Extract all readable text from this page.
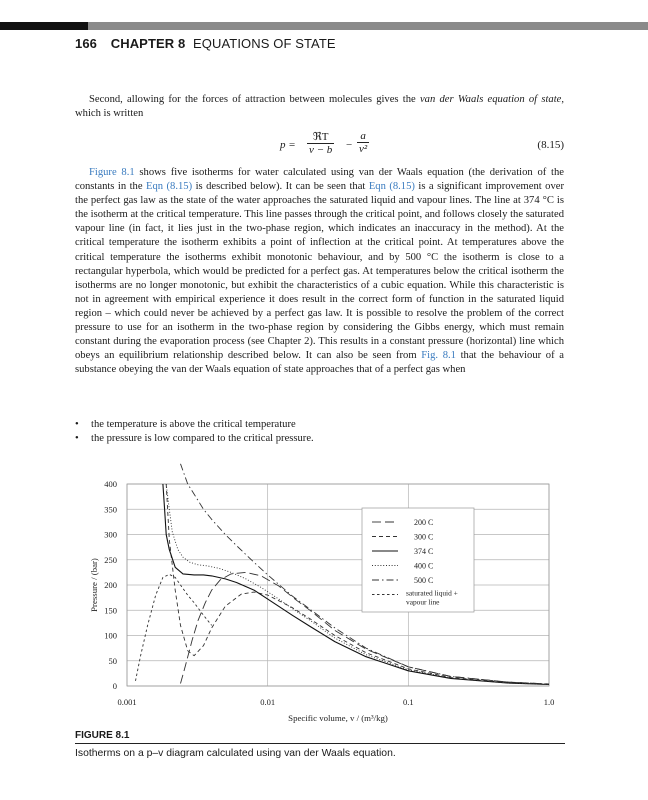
166 CHAPTER 8 EQUATIONS OF STATE

Second, allowing for the forces of attraction between molecules gives the van der Waals equation of state, which is written

p =
ℜT
$v - b - \frac{a}{\text{v²}}$	(8.15)

Figure 8.1 shows five isotherms for water calculated using van der Waals equation (the derivation of the constants in the Eqn (8.15) is described below). It can be seen that Eqn (8.15) is a significant improvement over the perfect gas law as the state of the water approaches the saturated liquid and vapour lines. The line at 374 °C is the isotherm at the critical temperature. This line passes through the critical point, and follows closely the saturated vapour line (in fact, it lies just in the two-phase region, which indicates an inaccuracy in the method). At the critical temperature the isotherm exhibits a point of inflection at the critical point. At temperatures above the critical temperature the isotherms exhibit monotonic behaviour, and by 500 °C the isotherm is close to a rectangular hyperbola, which would be predicted for a perfect gas. At temperatures below the critical isotherm the isotherms are no longer monotonic, but exhibit the characteristics of a cubic equation. While this characteristic is not in agreement with empirical experience it does result in the correct form of function in the saturated liquid region – which could never be achieved by a perfect gas law. It is possible to resolve the problem of the correct pressure to use for an isotherm in the two-phase region by considering the Gibbs energy, which must remain constant during the evaporation process (see Chapter 2). This results in a constant pressure (horizontal) line which obeys an equilibrium relationship described below. It can also be seen from Fig. 8.1 that the behaviour of a substance obeying the van der Waals equation of state approaches that of a perfect gas when

• the temperature is above the critical temperature
• the pressure is low compared to the critical pressure.
0
50
100
150
200
250
300
350
400
0.001	0.01	0.1	1.0
Specific volume, v / (m³/kg)
Pressure / (bar)
200 C
300 C
374 C
400 C
500 C
saturated liquid +
vapour line
FIGURE 8.1
Isotherms on a p–v diagram calculated using van der Waals equation.
